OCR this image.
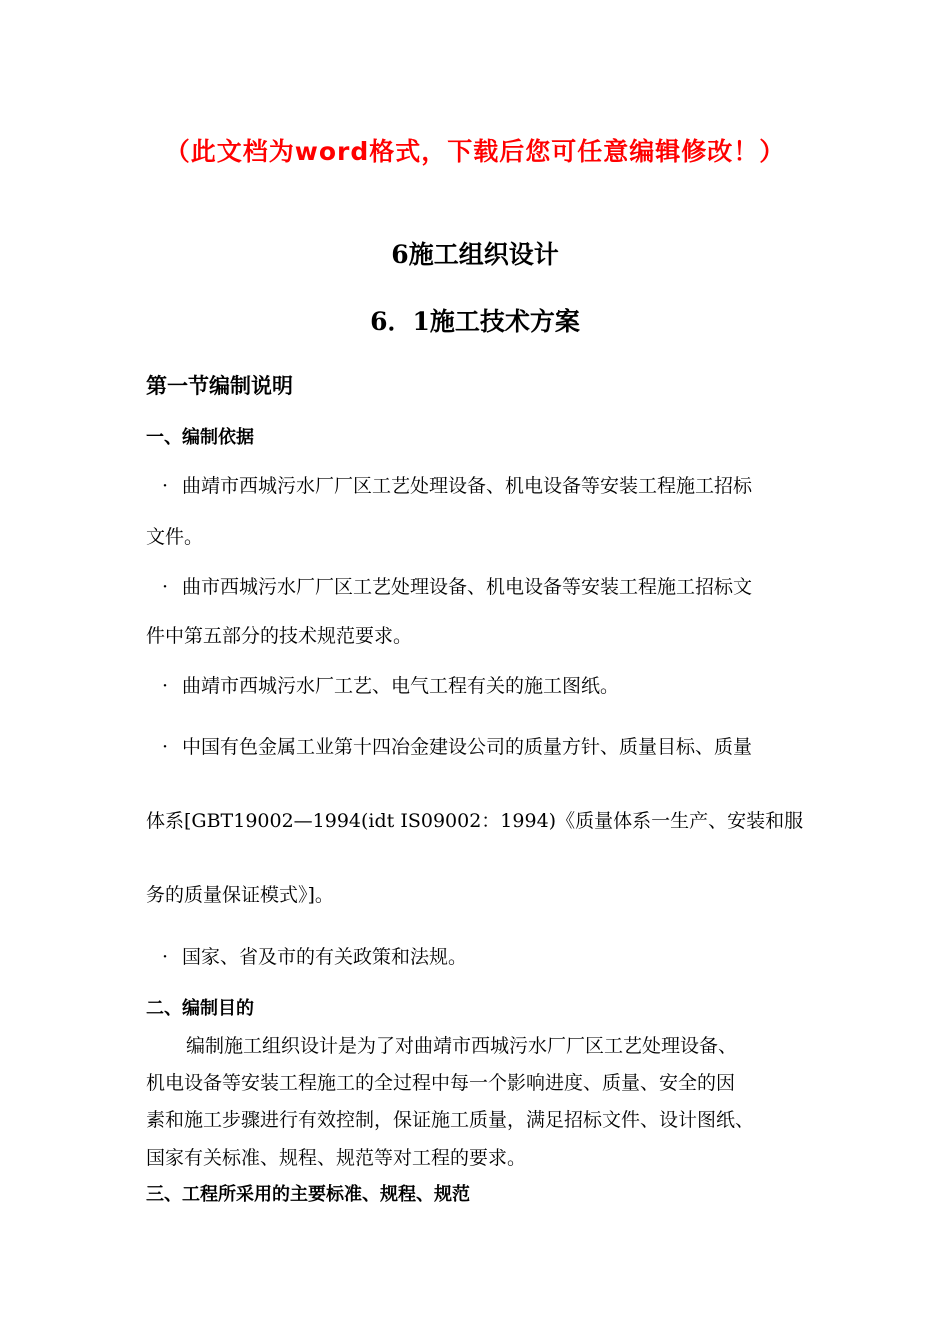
（此文档为word格式，下载后您可任意编辑修改！）
6施工组织设计
6．1施工技术方案
第一节编制说明
一、编制依据
· 曲靖市西城污水厂厂区工艺处理设备、机电设备等安装工程施工招标
文件。
· 曲市西城污水厂厂区工艺处理设备、机电设备等安装工程施工招标文
件中第五部分的技术规范要求。
· 曲靖市西城污水厂工艺、电气工程有关的施工图纸。
· 中国有色金属工业第十四冶金建设公司的质量方针、质量目标、质量
体系[GBT19002—1994(idt IS09002：1994)《质量体系一生产、安装和服
务的质量保证模式》]。
· 国家、省及市的有关政策和法规。
二、编制目的
编制施工组织设计是为了对曲靖市西城污水厂厂区工艺处理设备、
机电设备等安装工程施工的全过程中每一个影响进度、质量、安全的因
素和施工步骤进行有效控制，保证施工质量，满足招标文件、设计图纸、
国家有关标准、规程、规范等对工程的要求。
三、工程所采用的主要标准、规程、规范
